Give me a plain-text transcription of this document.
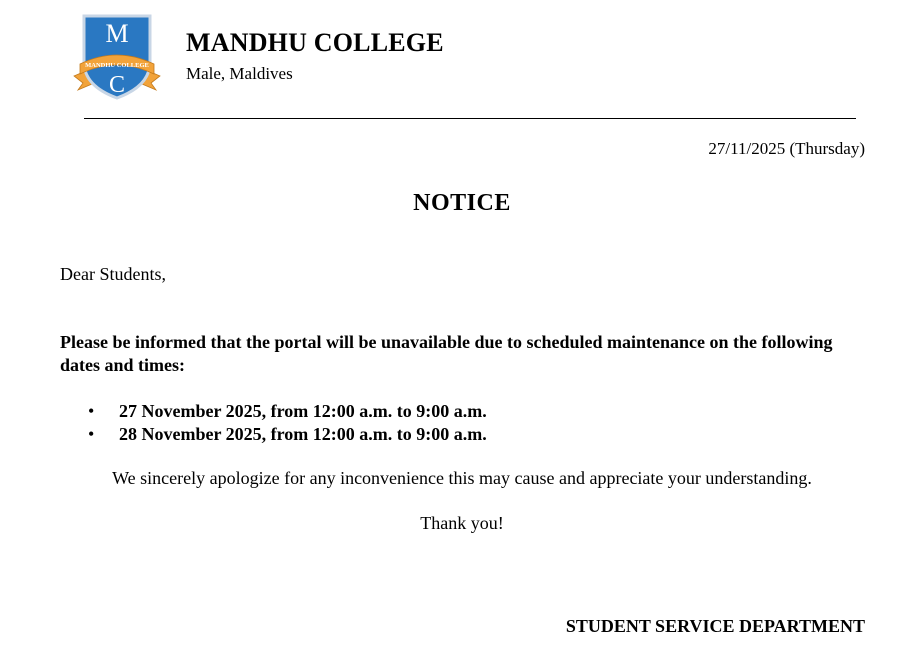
M
MANDHU COLLEGE
C
MANDHU COLLEGE
Male, Maldives
27/11/2025 (Thursday)
NOTICE
Dear Students,
Please be informed that the portal will be unavailable due to scheduled maintenance on the following dates and times:
• 27 November 2025, from 12:00 a.m. to 9:00 a.m.
• 28 November 2025, from 12:00 a.m. to 9:00 a.m.
We sincerely apologize for any inconvenience this may cause and appreciate your understanding.
Thank you!
STUDENT SERVICE DEPARTMENT
